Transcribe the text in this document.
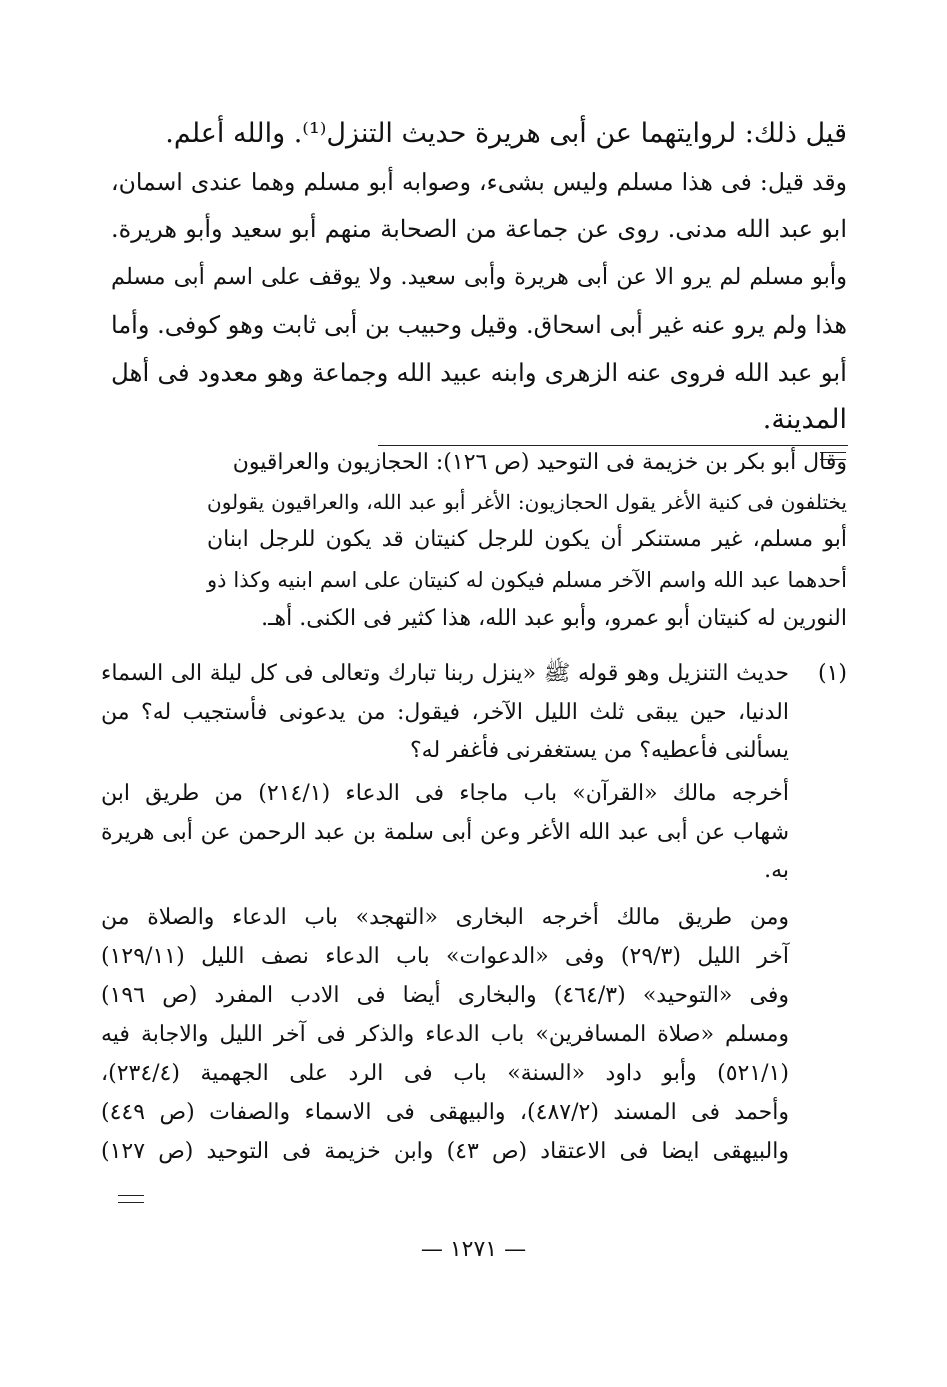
قيل ذلك: لروايتهما عن أبى هريرة حديث التنزل⁽¹⁾. والله أعلم.
وقد قيل: فى هذا مسلم وليس بشىء، وصوابه أبو مسلم وهما عندى اسمان،
ابو عبد الله مدنى. روى عن جماعة من الصحابة منهم أبو سعيد وأبو هريرة.
وأبو مسلم لم يرو الا عن أبى هريرة وأبى سعيد. ولا يوقف على اسم أبى مسلم
هذا ولم يرو عنه غير أبى اسحاق. وقيل وحبيب بن أبى ثابت وهو كوفى. وأما
أبو عبد الله فروى عنه الزهرى وابنه عبيد الله وجماعة وهو معدود فى أهل
المدينة.
وقال أبو بكر بن خزيمة فى التوحيد (ص ١٢٦): الحجازيون والعراقيون
يختلفون فى كنية الأغر يقول الحجازيون: الأغر أبو عبد الله، والعراقيون يقولون
أبو مسلم، غير مستنكر أن يكون للرجل كنيتان قد يكون للرجل ابنان
أحدهما عبد الله واسم الآخر مسلم فيكون له كنيتان على اسم ابنيه وكذا ذو
النورين له كنيتان أبو عمرو، وأبو عبد الله، هذا كثير فى الكنى. أهـ.
(١)
حديث التنزيل وهو قوله ﷺ «ينزل ربنا تبارك وتعالى فى كل ليلة الى السماء
الدنيا، حين يبقى ثلث الليل الآخر، فيقول: من يدعونى فأستجيب له؟ من
يسألنى فأعطيه؟ من يستغفرنى فأغفر له؟
أخرجه مالك «القرآن» باب ماجاء فى الدعاء (٢١٤/١) من طريق ابن
شهاب عن أبى عبد الله الأغر وعن أبى سلمة بن عبد الرحمن عن أبى هريرة
به.
ومن طريق مالك أخرجه البخارى «التهجد» باب الدعاء والصلاة من
آخر الليل (٢٩/٣) وفى «الدعوات» باب الدعاء نصف الليل (١٢٩/١١)
وفى «التوحيد» (٤٦٤/٣) والبخارى أيضا فى الادب المفرد (ص ١٩٦)
ومسلم «صلاة المسافرين» باب الدعاء والذكر فى آخر الليل والاجابة فيه
(٥٢١/١) وأبو داود «السنة» باب فى الرد على الجهمية (٢٣٤/٤)،
وأحمد فى المسند (٤٨٧/٢)، والبيهقى فى الاسماء والصفات (ص ٤٤٩)
والبيهقى ايضا فى الاعتقاد (ص ٤٣) وابن خزيمة فى التوحيد (ص ١٢٧)
— ١٢٧١ —
